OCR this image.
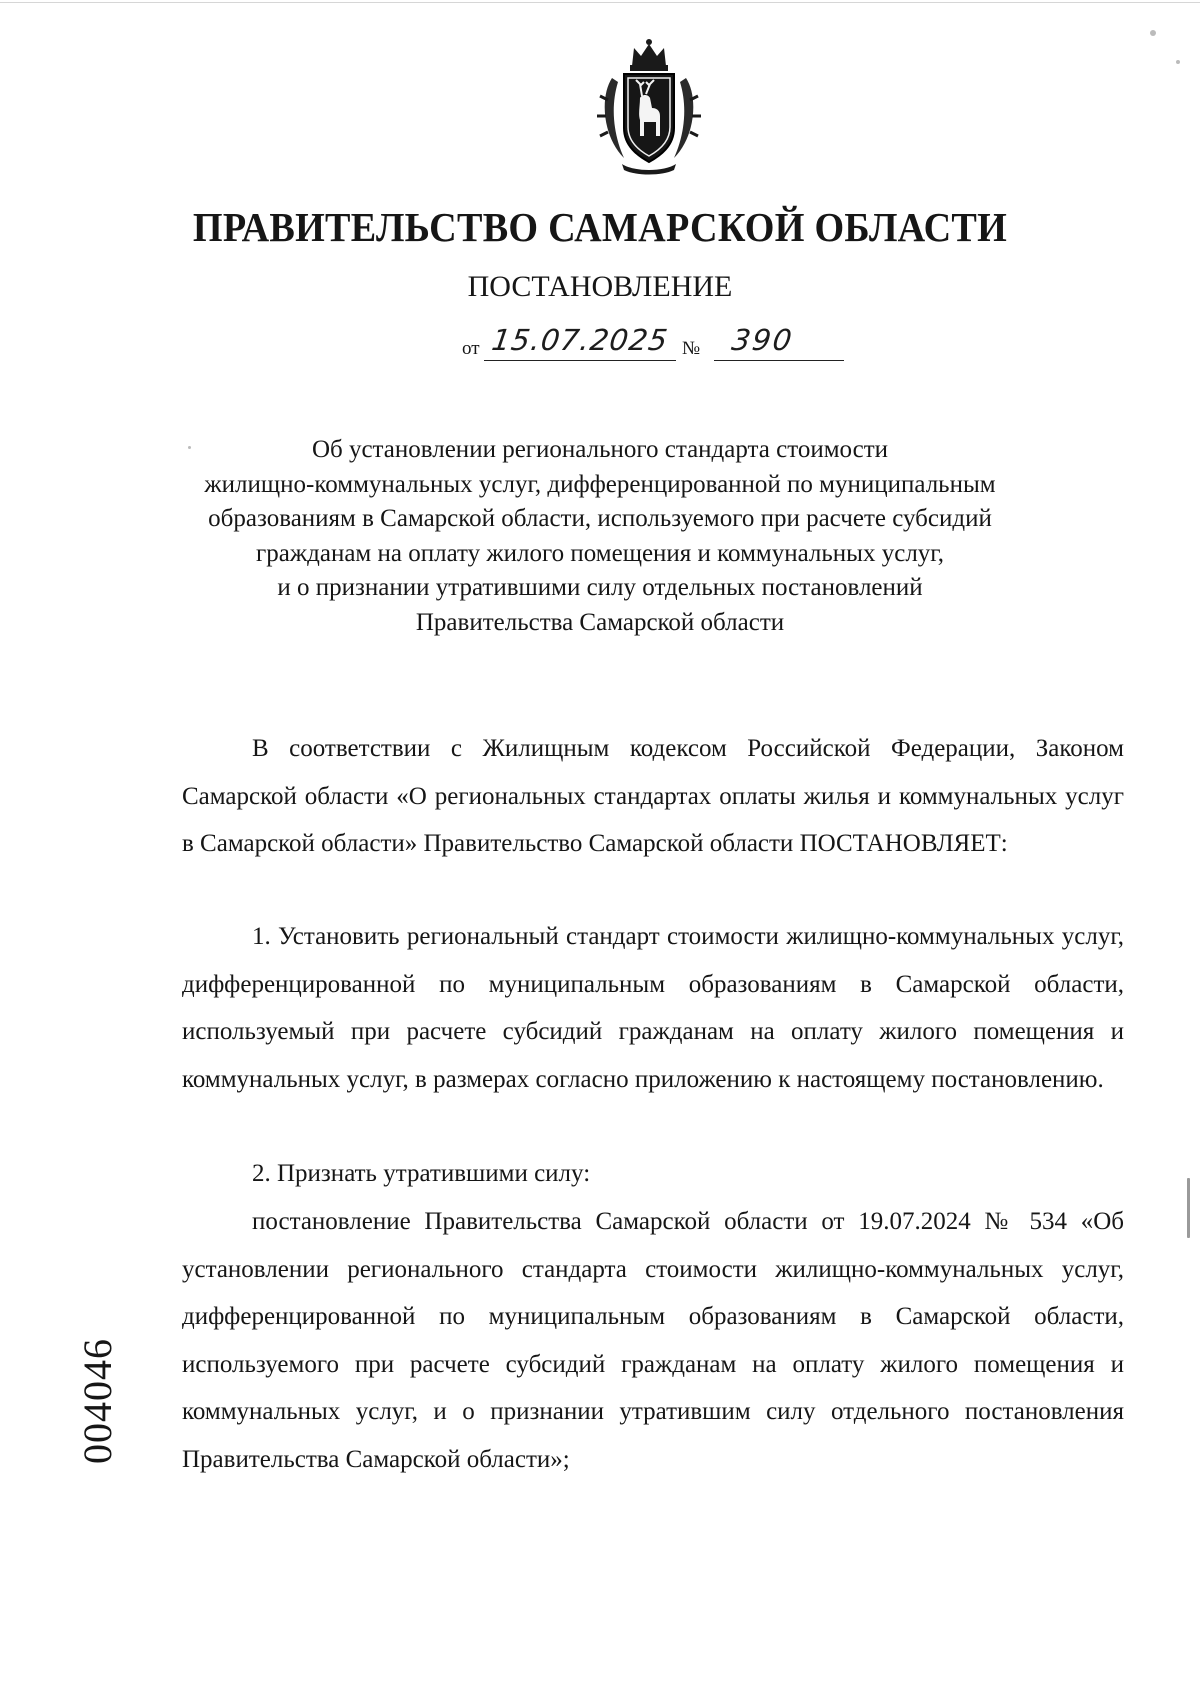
ПРАВИТЕЛЬСТВО САМАРСКОЙ ОБЛАСТИ
ПОСТАНОВЛЕНИЕ
от 15.07.2025 № 390
Об установлении регионального стандарта стоимости
жилищно-коммунальных услуг, дифференцированной по муниципальным
образованиям в Самарской области, используемого при расчете субсидий
гражданам на оплату жилого помещения и коммунальных услуг,
и о признании утратившими силу отдельных постановлений
Правительства Самарской области

В соответствии с Жилищным кодексом Российской Федерации, Законом Самарской области «О региональных стандартах оплаты жилья и коммунальных услуг в Самарской области» Правительство Самарской области ПОСТАНОВЛЯЕТ:

1. Установить региональный стандарт стоимости жилищно-коммунальных услуг, дифференцированной по муниципальным образованиям в Самарской области, используемый при расчете субсидий гражданам на оплату жилого помещения и коммунальных услуг, в размерах согласно приложению к настоящему постановлению.

2. Признать утратившими силу:

постановление Правительства Самарской области от 19.07.2024 № 534 «Об установлении регионального стандарта стоимости жилищно-коммунальных услуг, дифференцированной по муниципальным образованиям в Самарской области, используемого при расчете субсидий гражданам на оплату жилого помещения и коммунальных услуг, и о признании утратившим силу отдельного постановления Правительства Самарской области»;

004046
